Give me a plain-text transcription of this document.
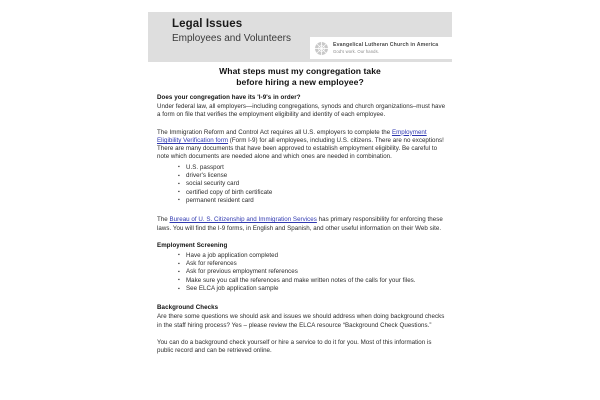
Legal Issues
Employees and Volunteers
Evangelical Lutheran Church in America
God's work. Our hands.
What steps must my congregation take
before hiring a new employee?
Does your congregation have its 'I-9's in order?

Under federal law, all employers—including congregations, synods and church organizations–must have a form on file that verifies the employment eligibility and identity of each employee.

The Immigration Reform and Control Act requires all U.S. employers to complete the Employment Eligibility Verification form (Form I-9) for all employees, including U.S. citizens. There are no exceptions! There are many documents that have been approved to establish employment eligibility. Be careful to note which documents are needed alone and which ones are needed in combination.

▪ U.S. passport
▪ driver's license
▪ social security card
▪ certified copy of birth certificate
▪ permanent resident card

The Bureau of U. S. Citizenship and Immigration Services has primary responsibility for enforcing these laws. You will find the I-9 forms, in English and Spanish, and other useful information on their Web site.

Employment Screening
▪ Have a job application completed
▪ Ask for references
▪ Ask for previous employment references
▪ Make sure you call the references and make written notes of the calls for your files.
▪ See ELCA job application sample
Background Checks

Are there some questions we should ask and issues we should address when doing background checks in the staff hiring process? Yes – please review the ELCA resource “Background Check Questions.”

You can do a background check yourself or hire a service to do it for you. Most of this information is public record and can be retrieved online.
